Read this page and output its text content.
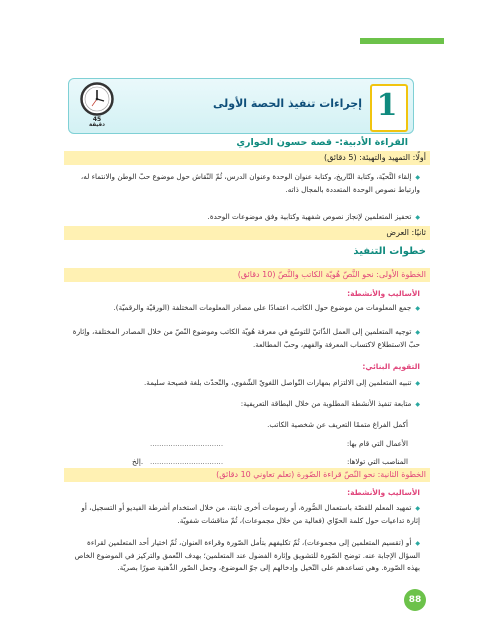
1
إجراءات تنفيذ الحصة الأولى
45
دقيقة
القراءة الأدبية:- قصة حسون الحواري
أولًا: التمهيد والتهيئة: (5 دقائق)
◆ إلقاء التَّحيّة، وكتابة التّاريخ، وكتابة عنوان الوحدة وعنوان الدرس، ثُمّ النّقاش حول موضوع حبّ الوطن والانتماء له، وارتباط نصوص الوحدة المتعددة بالمجال ذاته.
◆ تحفيز المتعلمين لإنجاز نصوص شفهية وكتابية وفق موضوعات الوحدة.
ثانيًا: العرض
خطوات التنفيذ
الخطوة الأولى: نحو النَّصّ هُويّة الكاتب والنَّصّ (10 دقائق)
الأساليب والأنشطة:
◆ جمع المعلومات من موضوع حول الكاتب، اعتمادًا على مصادر المعلومات المختلفة (الورقيّة والرقميّة).
◆ توجيه المتعلمين إلى العمل الذّاتيّ للتوسّع في معرفة هُويّة الكاتب وموضوع النّصّ من خلال المصادر المختلفة، وإثارة حبّ الاستطلاع لاكتساب المعرفة والفهم، وحبّ المطالعة.
التقويم البنائي:
◆ تنبيه المتعلمين إلى الالتزام بمهارات التّواصل اللغويّ الشّفوي، والتّحدّث بلغة فصيحة سليمة.
◆ متابعة تنفيذ الأنشطة المطلوبة من خلال البطاقة التعريفية:
أكمل الفراغ متممًا التعريف عن شخصية الكاتب.
الأعمال التي قام بها:
................................
المناصب التي تولاها:
................................
إلخ.
الخطوة الثانية: نحو النّصّ قراءة الصّورة (تعلم تعاوني 10 دقائق)
الأساليب والأنشطة:
◆ تمهيد المعلم للقصّة باستعمال الصُّورة، أو رسومات أخرى ثابتة، من خلال استخدام أشرطة الفيديو أو التسجيل، أو إثارة تداعيات حول كلمة الحوّاي (فعالية من خلال مجموعات)، ثُمّ مناقشات شفويّة.
◆ أو (تقسيم المتعلمين إلى مجموعات)، ثُمّ تكليفهم بتأمل الصّورة وقراءة العنوان، ثُمّ اختيار أحد المتعلمين لقراءة السؤال الإجابة عنه. توضح الصّورة للتشويق وإثارة الفضول عند المتعلمين؛ بهدف التّعمق والتركيز في الموضوع الخاص بهذه الصّورة. وهي تساعدهم على التّخيل وإدخالهم إلى جوّ الموضوع، وجعل الصّور الذّهنية صورًا بصريّة.
88
